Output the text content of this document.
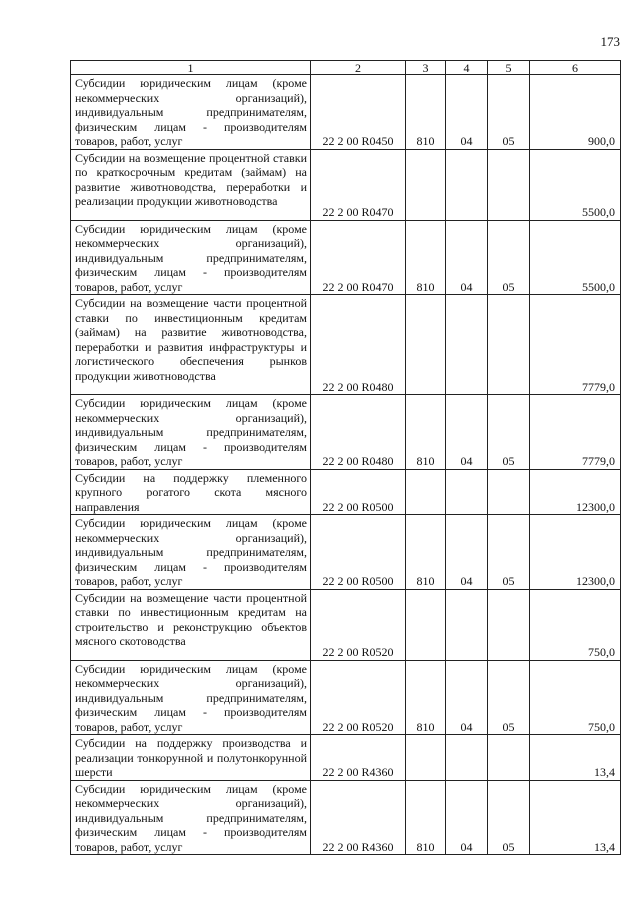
173
1	2	3	4	5	6
Субсидии юридическим лицам (кроме некоммерческих организаций), индивидуальным предпринимателям, физическим лицам - производителям товаров, работ, услуг	22 2 00 R0450	810	04	05	900,0
Субсидии на возмещение процентной ставки по краткосрочным кредитам (займам) на развитие животноводства, переработки и реализации продукции животноводства	22 2 00 R0470				5500,0
Субсидии юридическим лицам (кроме некоммерческих организаций), индивидуальным предпринимателям, физическим лицам - производителям товаров, работ, услуг	22 2 00 R0470	810	04	05	5500,0
Субсидии на возмещение части процентной ставки по инвестиционным кредитам (займам) на развитие животноводства, переработки и развития инфраструктуры и логистического обеспечения рынков продукции животноводства	22 2 00 R0480				7779,0
Субсидии юридическим лицам (кроме некоммерческих организаций), индивидуальным предпринимателям, физическим лицам - производителям товаров, работ, услуг	22 2 00 R0480	810	04	05	7779,0
Субсидии на поддержку племенного крупного рогатого скота мясного направления	22 2 00 R0500				12300,0
Субсидии юридическим лицам (кроме некоммерческих организаций), индивидуальным предпринимателям, физическим лицам - производителям товаров, работ, услуг	22 2 00 R0500	810	04	05	12300,0
Субсидии на возмещение части процентной ставки по инвестиционным кредитам на строительство и реконструкцию объектов мясного скотоводства	22 2 00 R0520				750,0
Субсидии юридическим лицам (кроме некоммерческих организаций), индивидуальным предпринимателям, физическим лицам - производителям товаров, работ, услуг	22 2 00 R0520	810	04	05	750,0
Субсидии на поддержку производства и реализации тонкорунной и полутонкорунной шерсти	22 2 00 R4360				13,4
Субсидии юридическим лицам (кроме некоммерческих организаций), индивидуальным предпринимателям, физическим лицам - производителям товаров, работ, услуг	22 2 00 R4360	810	04	05	13,4
